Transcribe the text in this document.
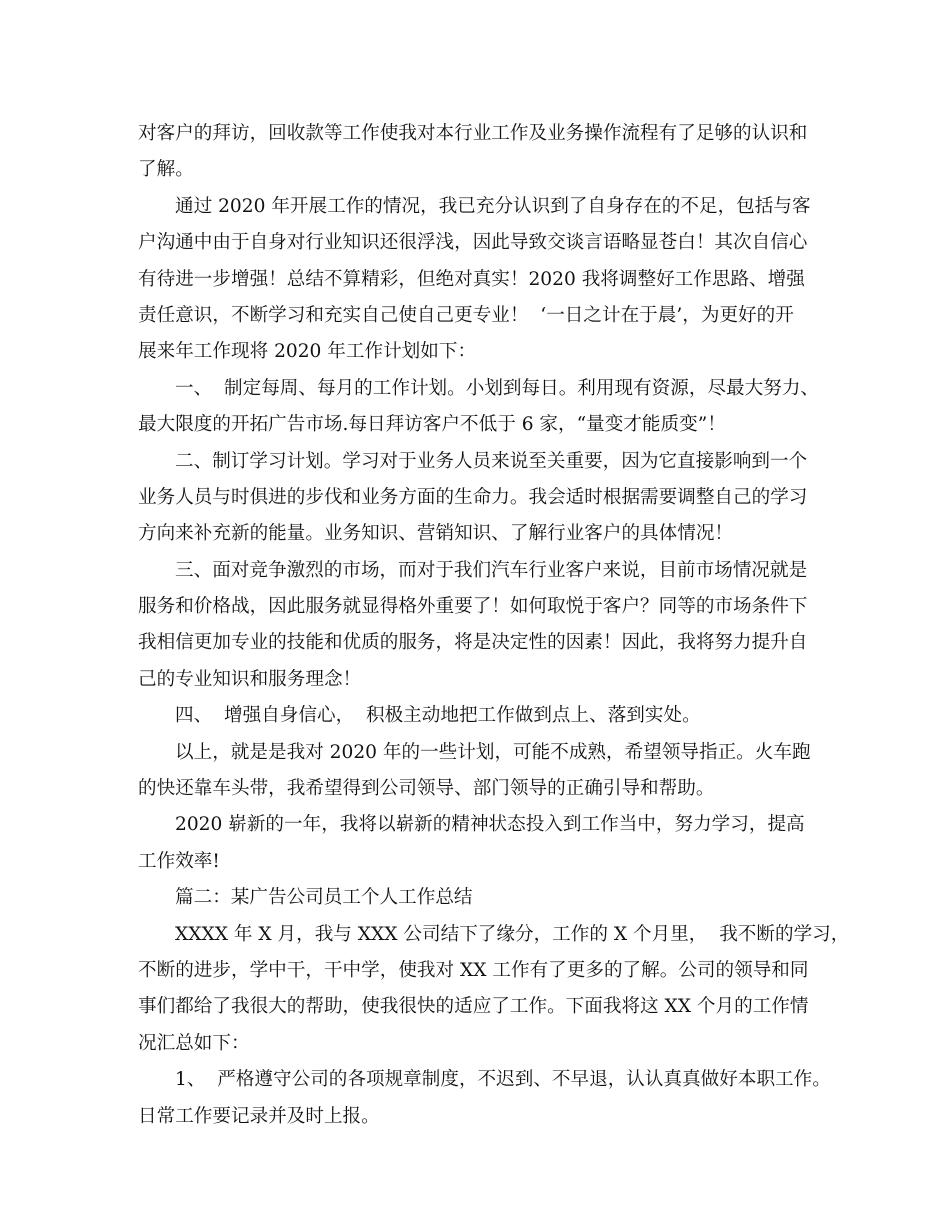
对客户的拜访，回收款等工作使我对本行业工作及业务操作流程有了足够的认识和
了解。
通过 2020 年开展工作的情况，我已充分认识到了自身存在的不足，包括与客
户沟通中由于自身对行业知识还很浮浅，因此导致交谈言语略显苍白！其次自信心
有待进一步增强！总结不算精彩，但绝对真实！2020 我将调整好工作思路、增强
责任意识，不断学习和充实自己使自己更专业！  ‘一日之计在于晨’，为更好的开
展来年工作现将 2020 年工作计划如下：
一、  制定每周、每月的工作计划。小划到每日。利用现有资源，尽最大努力、
最大限度的开拓广告市场.每日拜访客户不低于 6 家，“量变才能质变”！
二、制订学习计划。学习对于业务人员来说至关重要，因为它直接影响到一个
业务人员与时俱进的步伐和业务方面的生命力。我会适时根据需要调整自己的学习
方向来补充新的能量。业务知识、营销知识、了解行业客户的具体情况！
三、面对竞争激烈的市场，而对于我们汽车行业客户来说，目前市场情况就是
服务和价格战，因此服务就显得格外重要了！如何取悦于客户？同等的市场条件下
我相信更加专业的技能和优质的服务，将是决定性的因素！因此，我将努力提升自
己的专业知识和服务理念！
四、  增强自身信心，  积极主动地把工作做到点上、落到实处。
以上，就是是我对 2020 年的一些计划，可能不成熟，希望领导指正。火车跑
的快还靠车头带，我希望得到公司领导、部门领导的正确引导和帮助。
2020 崭新的一年，我将以崭新的精神状态投入到工作当中，努力学习，提高
工作效率!
篇二：某广告公司员工个人工作总结
XXXX 年 X 月，我与 XXX 公司结下了缘分，工作的 X 个月里，  我不断的学习，
不断的进步，学中干，干中学，使我对 XX 工作有了更多的了解。公司的领导和同
事们都给了我很大的帮助，使我很快的适应了工作。下面我将这 XX 个月的工作情
况汇总如下：
1、  严格遵守公司的各项规章制度，不迟到、不早退，认认真真做好本职工作。
日常工作要记录并及时上报。
